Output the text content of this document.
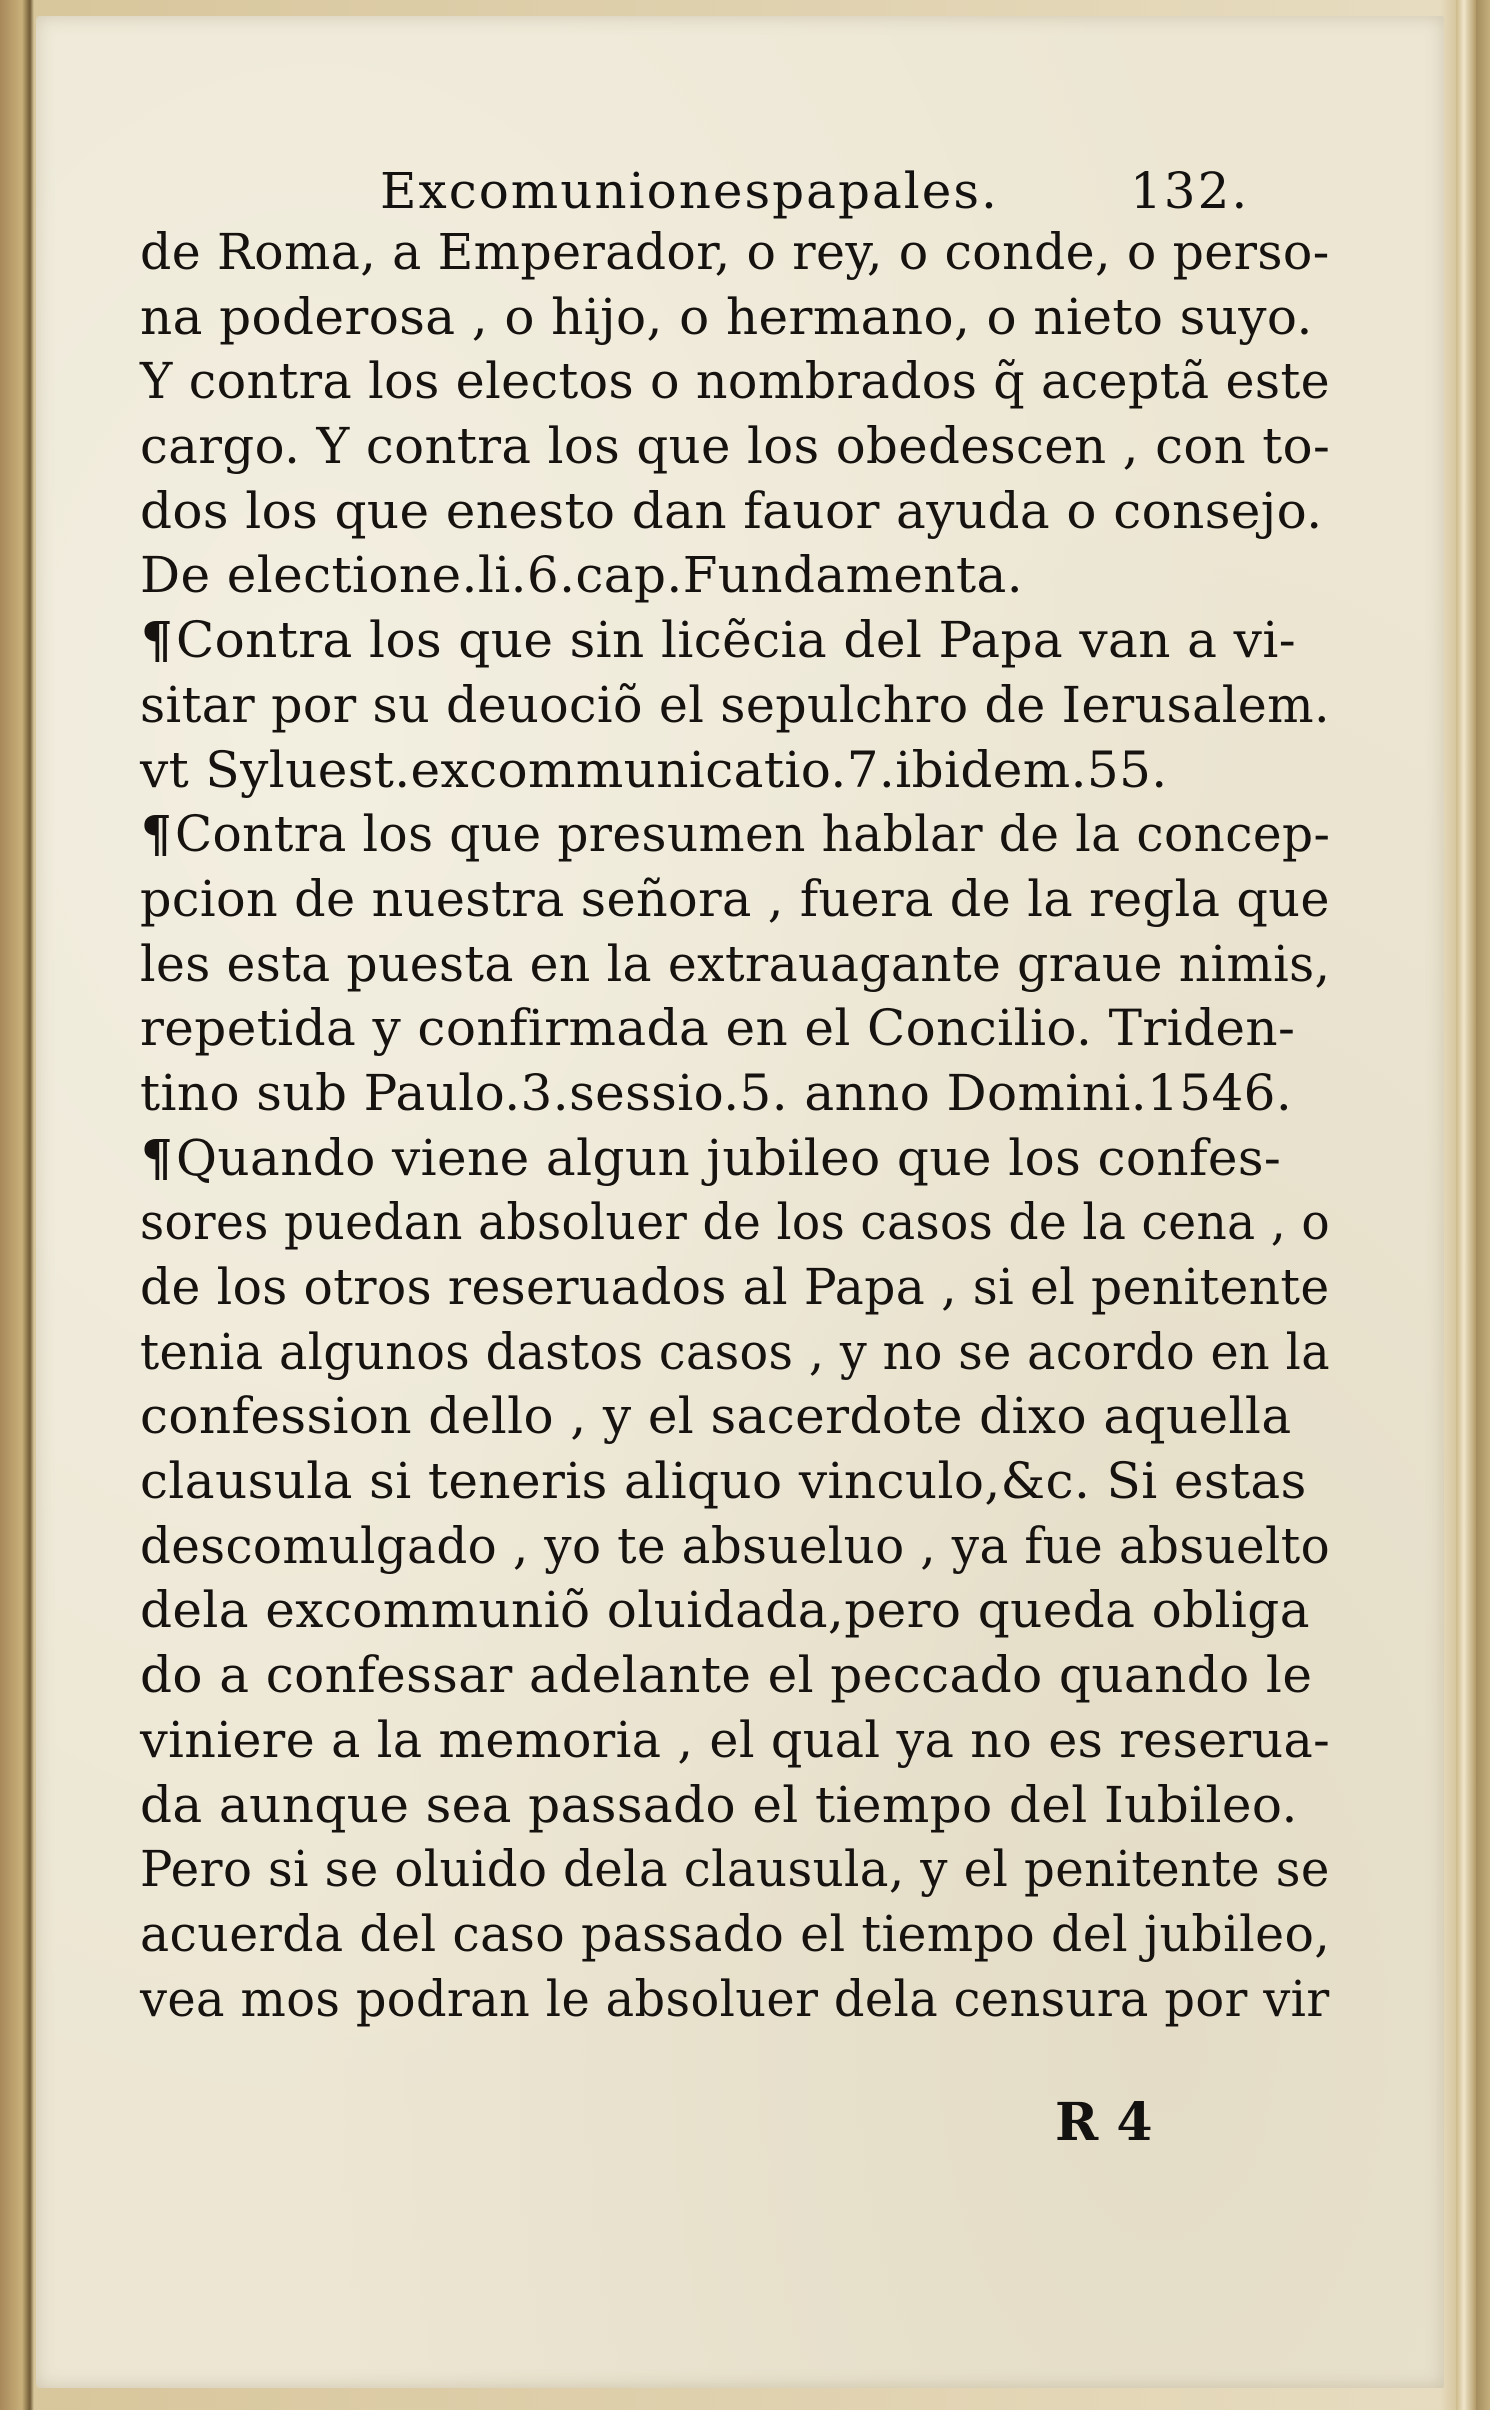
Excomunionespapales.	132.
de Roma, a Emperador, o rey, o conde, o perso-
na poderosa , o hijo, o hermano, o nieto suyo.
Y contra los electos o nombrados q̃ aceptã este
cargo. Y contra los que los obedescen , con to-
dos los que enesto dan fauor ayuda o consejo.
De electione.li.6.cap.Fundamenta.
¶Contra los que sin licẽcia del Papa van a vi-
sitar por su deuociõ el sepulchro de Ierusalem.
vt Syluest.excommunicatio.7.ibidem.55.
¶Contra los que presumen hablar de la concep-
pcion de nuestra señora , fuera de la regla que
les esta puesta en la extrauagante graue nimis,
repetida y confirmada en el Concilio. Triden-
tino sub Paulo.3.sessio.5. anno Domini.1546.
¶Quando viene algun jubileo que los confes-
sores puedan absoluer de los casos de la cena , o
de los otros reseruados al Papa , si el penitente
tenia algunos dastos casos , y no se acordo en la
confession dello , y el sacerdote dixo aquella
clausula si teneris aliquo vinculo,&c. Si estas
descomulgado , yo te absueluo , ya fue absuelto
dela excommuniõ oluidada,pero queda obliga
do a confessar adelante el peccado quando le
viniere a la memoria , el qual ya no es reserua-
da aunque sea passado el tiempo del Iubileo.
Pero si se oluido dela clausula, y el penitente se
acuerda del caso passado el tiempo del jubileo,
vea mos podran le absoluer dela censura por vir
R 4
